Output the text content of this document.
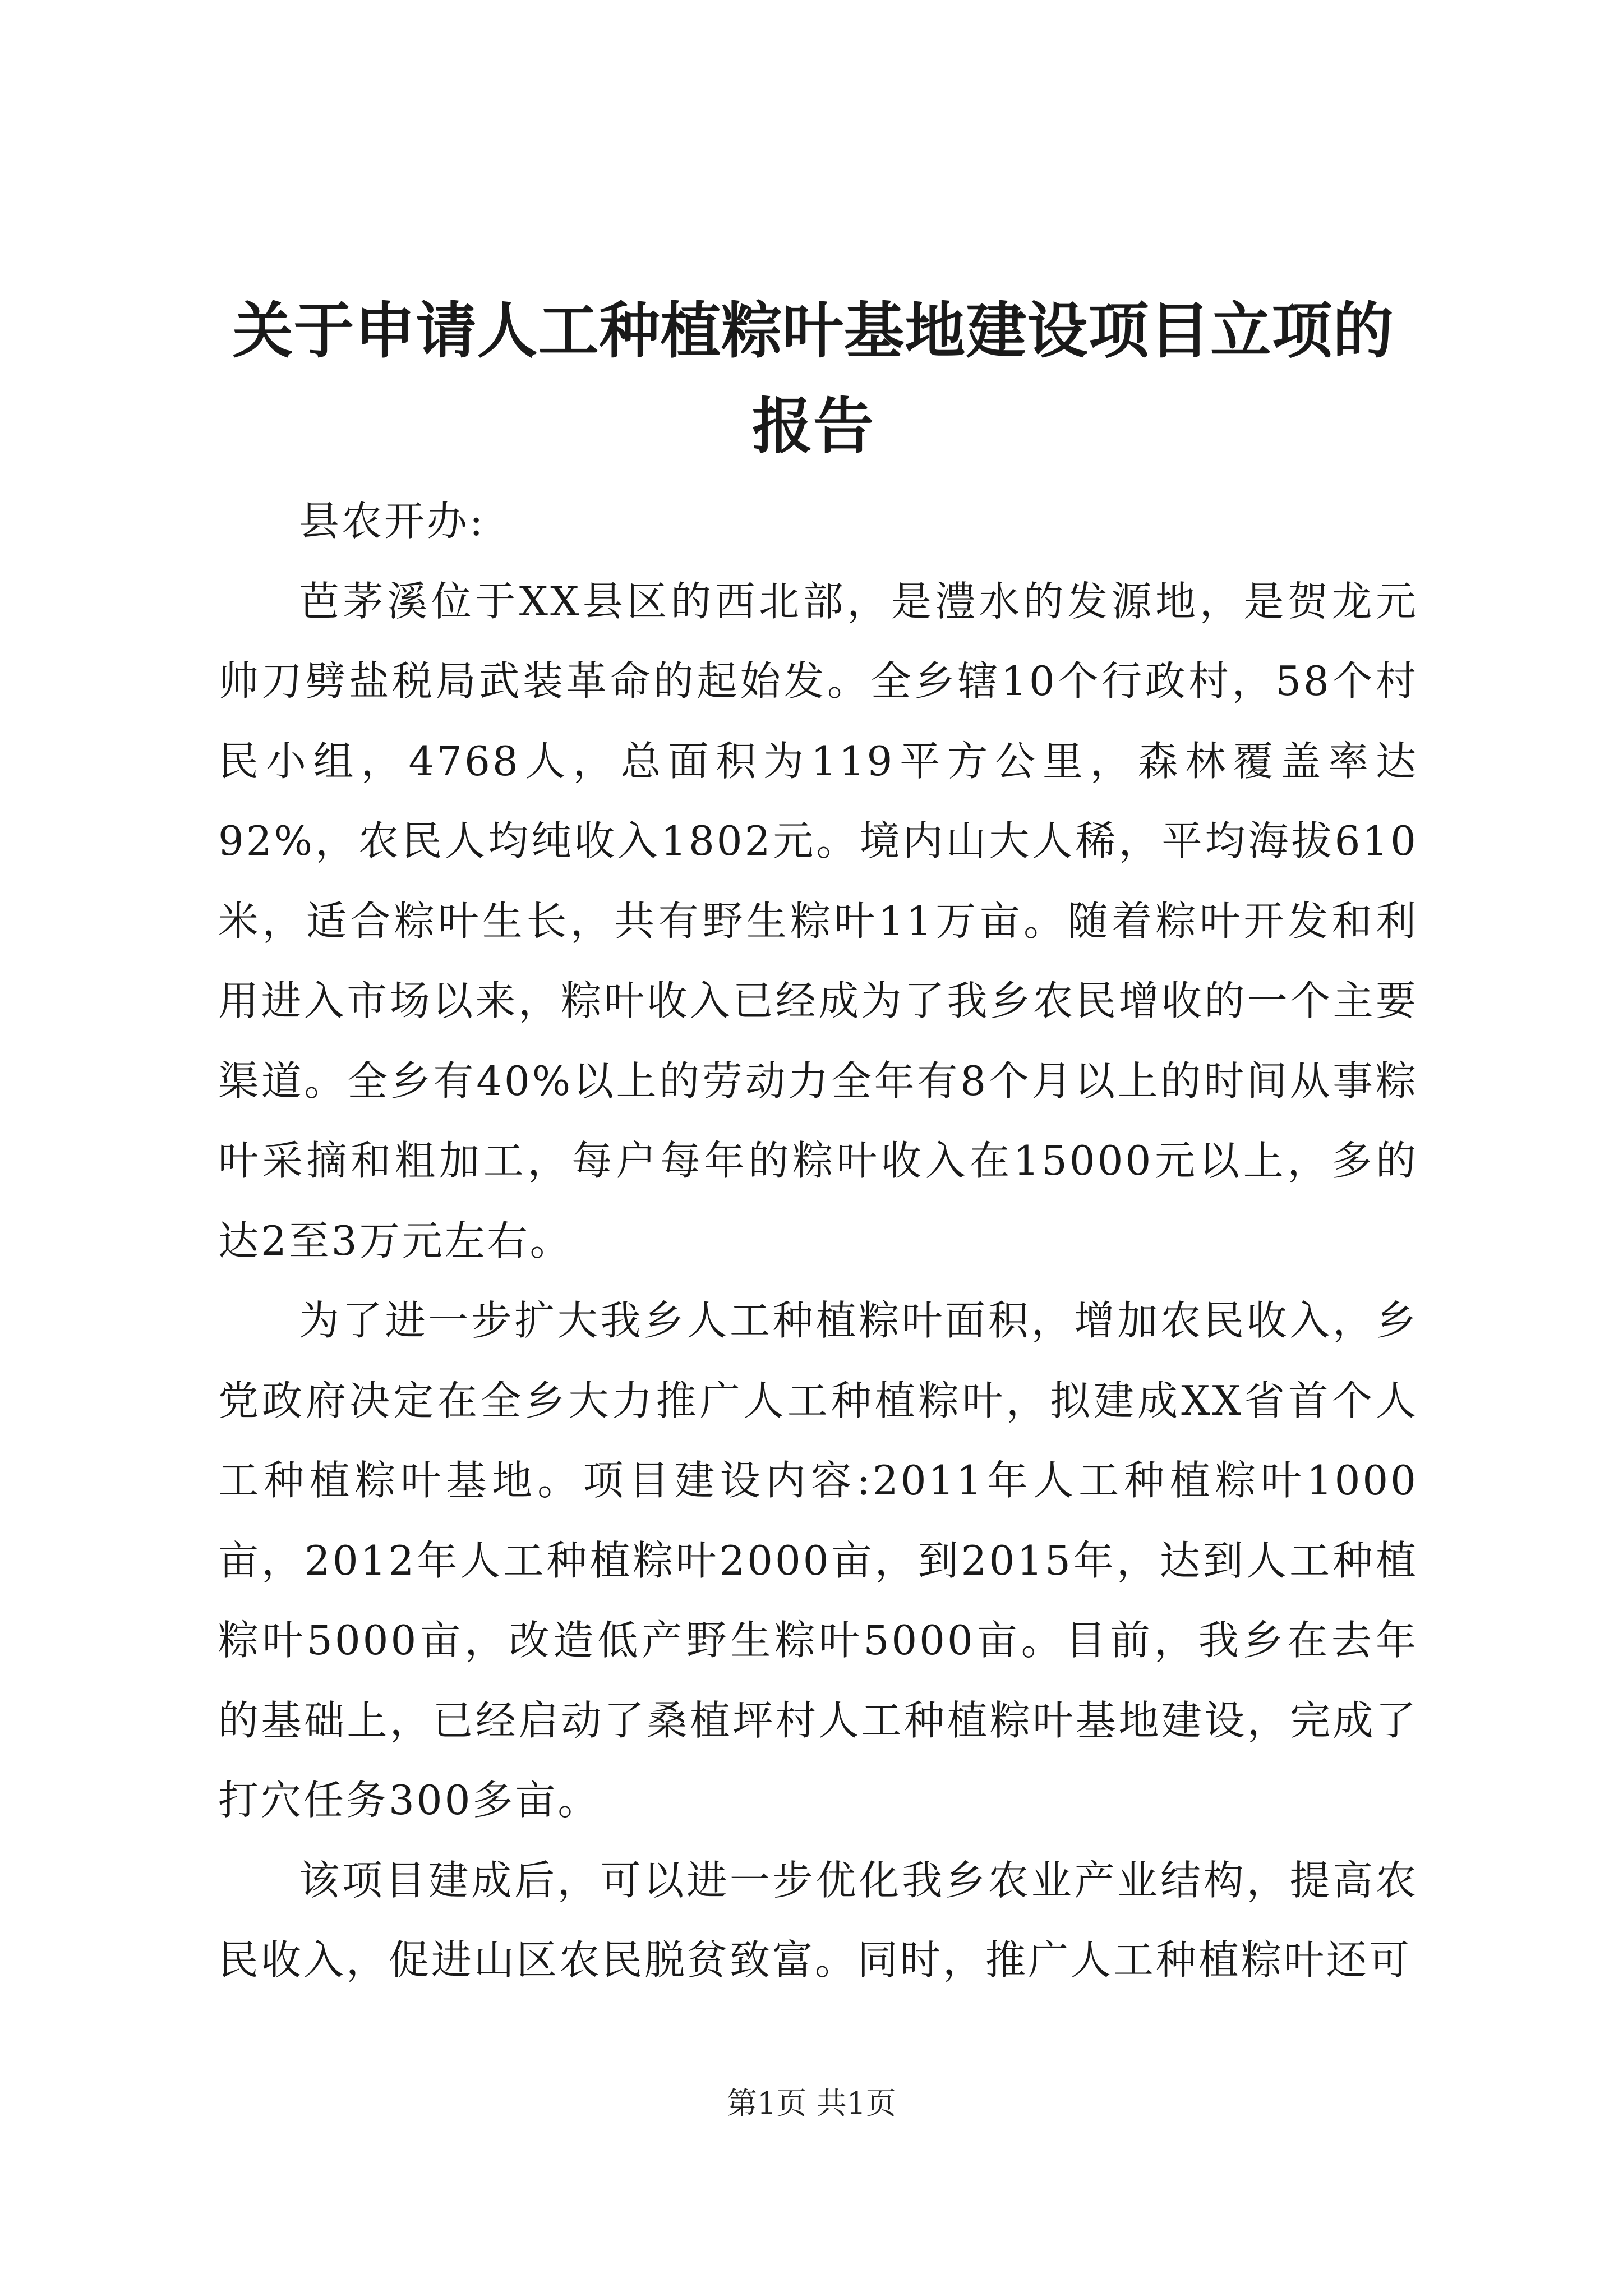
关于申请人工种植粽叶基地建设项目立项的报告

县农开办:

芭茅溪位于XX县区的西北部，是澧水的发源地，是贺龙元帅刀劈盐税局武装革命的起始发。全乡辖10个行政村，58个村民小组，4768人，总面积为119平方公里，森林覆盖率达92%，农民人均纯收入1802元。境内山大人稀，平均海拔610米，适合粽叶生长，共有野生粽叶11万亩。随着粽叶开发和利用进入市场以来，粽叶收入已经成为了我乡农民增收的一个主要渠道。全乡有40%以上的劳动力全年有8个月以上的时间从事粽叶采摘和粗加工，每户每年的粽叶收入在15000元以上，多的达2至3万元左右。

为了进一步扩大我乡人工种植粽叶面积，增加农民收入，乡党政府决定在全乡大力推广人工种植粽叶，拟建成XX省首个人工种植粽叶基地。项目建设内容:2011年人工种植粽叶1000亩，2012年人工种植粽叶2000亩，到2015年，达到人工种植粽叶5000亩，改造低产野生粽叶5000亩。目前，我乡在去年的基础上，已经启动了桑植坪村人工种植粽叶基地建设，完成了打穴任务300多亩。

该项目建成后，可以进一步优化我乡农业产业结构，提高农民收入，促进山区农民脱贫致富。同时，推广人工种植粽叶还可

第1页 共1页
